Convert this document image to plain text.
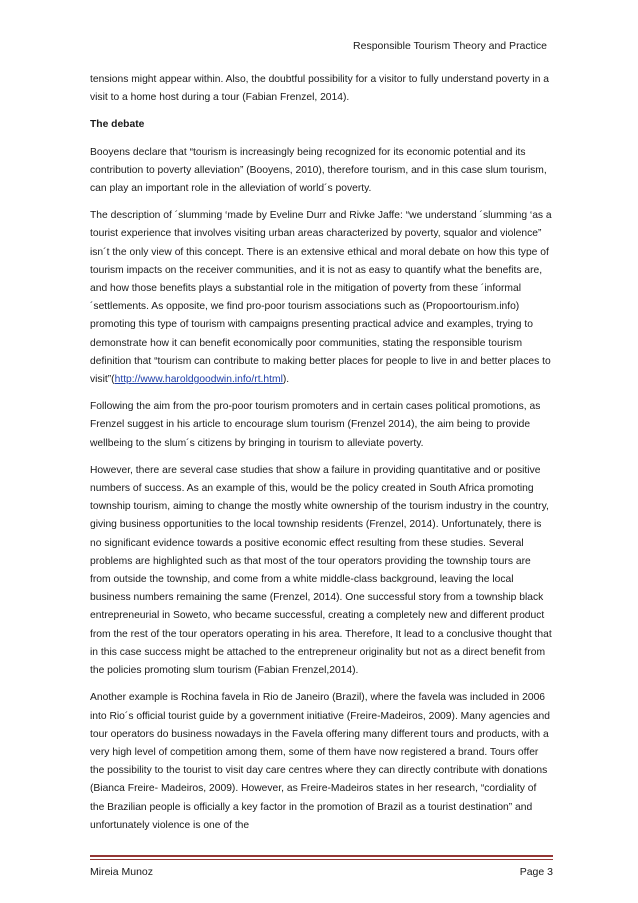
Responsible Tourism Theory and Practice

tensions might appear within. Also, the doubtful possibility for a visitor to fully understand poverty in a visit to a home host during a tour (Fabian Frenzel, 2014).

The debate

Booyens declare that “tourism is increasingly being recognized for its economic potential and its contribution to poverty alleviation” (Booyens, 2010), therefore tourism, and in this case slum tourism, can play an important role in the alleviation of world´s poverty.

The description of ´slumming ‘made by Eveline Durr and Rivke Jaffe: “we understand ´slumming ‘as a tourist experience that involves visiting urban areas characterized by poverty, squalor and violence” isn´t the only view of this concept. There is an extensive ethical and moral debate on how this type of tourism impacts on the receiver communities, and it is not as easy to quantify what the benefits are, and how those benefits plays a substantial role in the mitigation of poverty from these ´informal ´settlements. As opposite, we find pro-poor tourism associations such as (Propoortourism.info) promoting this type of tourism with campaigns presenting practical advice and examples, trying to demonstrate how it can benefit economically poor communities, stating the responsible tourism definition that “tourism can contribute to making better places for people to live in and better places to visit”(http://www.haroldgoodwin.info/rt.html).

Following the aim from the pro-poor tourism promoters and in certain cases political promotions, as Frenzel suggest in his article to encourage slum tourism (Frenzel 2014), the aim being to provide wellbeing to the slum´s citizens by bringing in tourism to alleviate poverty.

However, there are several case studies that show a failure in providing quantitative and or positive numbers of success. As an example of this, would be the policy created in South Africa promoting township tourism, aiming to change the mostly white ownership of the tourism industry in the country, giving business opportunities to the local township residents (Frenzel, 2014). Unfortunately, there is no significant evidence towards a positive economic effect resulting from these studies. Several problems are highlighted such as that most of the tour operators providing the township tours are from outside the township, and come from a white middle-class background, leaving the local business numbers remaining the same (Frenzel, 2014). One successful story from a township black entrepreneurial in Soweto, who became successful, creating a completely new and different product from the rest of the tour operators operating in his area. Therefore, It lead to a conclusive thought that in this case success might be attached to the entrepreneur originality but not as a direct benefit from the policies promoting slum tourism (Fabian Frenzel,2014).

Another example is Rochina favela in Rio de Janeiro (Brazil), where the favela was included in 2006 into Rio´s official tourist guide by a government initiative (Freire-Madeiros, 2009). Many agencies and tour operators do business nowadays in the Favela offering many different tours and products, with a very high level of competition among them, some of them have now registered a brand. Tours offer the possibility to the tourist to visit day care centres where they can directly contribute with donations (Bianca Freire- Madeiros, 2009). However, as Freire-Madeiros states in her research, “cordiality of the Brazilian people is officially a key factor in the promotion of Brazil as a tourist destination” and unfortunately violence is one of the

Mireia Munoz	Page 3
